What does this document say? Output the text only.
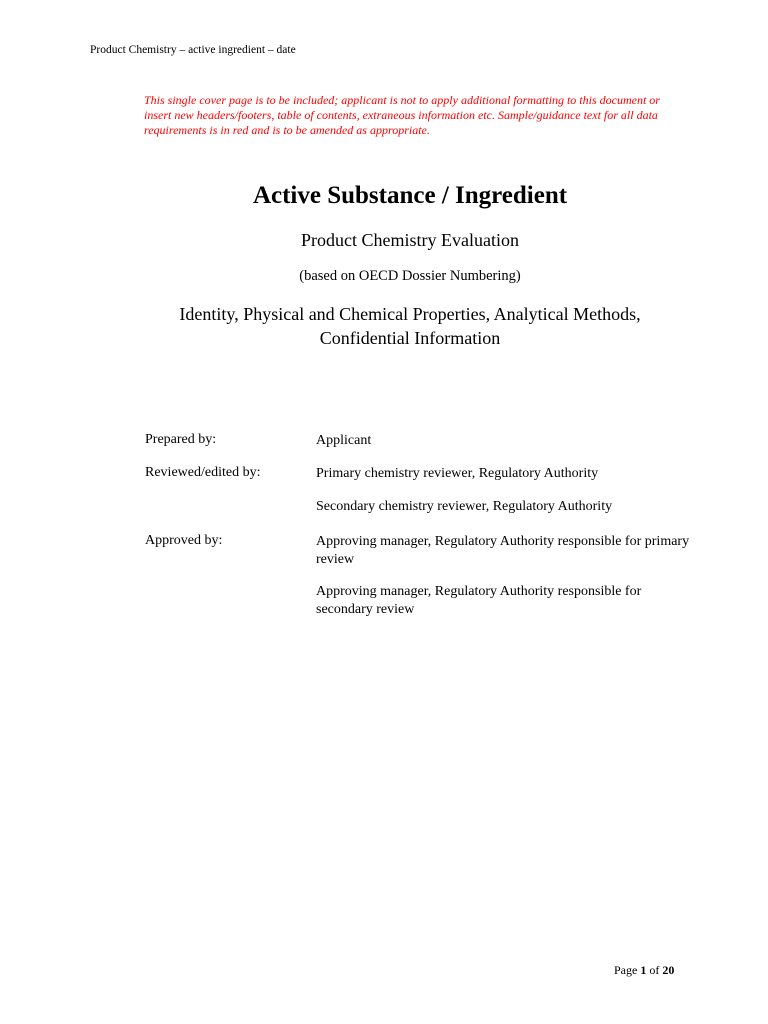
Product Chemistry – active ingredient – date
This single cover page is to be included; applicant is not to apply additional formatting to this document or insert new headers/footers, table of contents, extraneous information etc. Sample/guidance text for all data requirements is in red and is to be amended as appropriate.
Active Substance / Ingredient
Product Chemistry Evaluation
(based on OECD Dossier Numbering)
Identity, Physical and Chemical Properties, Analytical Methods,
Confidential Information
Prepared by:	Applicant
Reviewed/edited by:	Primary chemistry reviewer, Regulatory Authority
Secondary chemistry reviewer, Regulatory Authority
Approved by:	Approving manager, Regulatory Authority responsible for primary review
Approving manager, Regulatory Authority responsible for secondary review
Page 1 of 20
